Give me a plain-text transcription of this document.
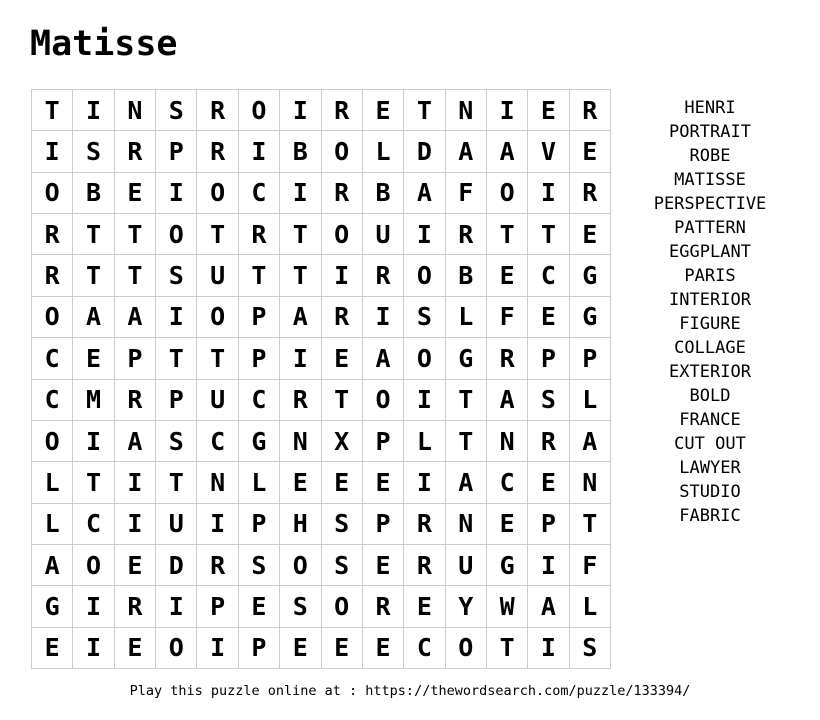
Matisse
T	I	N	S	R	O	I	R	E	T	N	I	E	R
I	S	R	P	R	I	B	O	L	D	A	A	V	E
O	B	E	I	O	C	I	R	B	A	F	O	I	R
R	T	T	O	T	R	T	O	U	I	R	T	T	E
R	T	T	S	U	T	T	I	R	O	B	E	C	G
O	A	A	I	O	P	A	R	I	S	L	F	E	G
C	E	P	T	T	P	I	E	A	O	G	R	P	P
C	M	R	P	U	C	R	T	O	I	T	A	S	L
O	I	A	S	C	G	N	X	P	L	T	N	R	A
L	T	I	T	N	L	E	E	E	I	A	C	E	N
L	C	I	U	I	P	H	S	P	R	N	E	P	T
A	O	E	D	R	S	O	S	E	R	U	G	I	F
G	I	R	I	P	E	S	O	R	E	Y	W	A	L
E	I	E	O	I	P	E	E	E	C	O	T	I	S
HENRI
PORTRAIT
ROBE
MATISSE
PERSPECTIVE
PATTERN
EGGPLANT
PARIS
INTERIOR
FIGURE
COLLAGE
EXTERIOR
BOLD
FRANCE
CUT OUT
LAWYER
STUDIO
FABRIC
Play this puzzle online at : https://thewordsearch.com/puzzle/133394/
